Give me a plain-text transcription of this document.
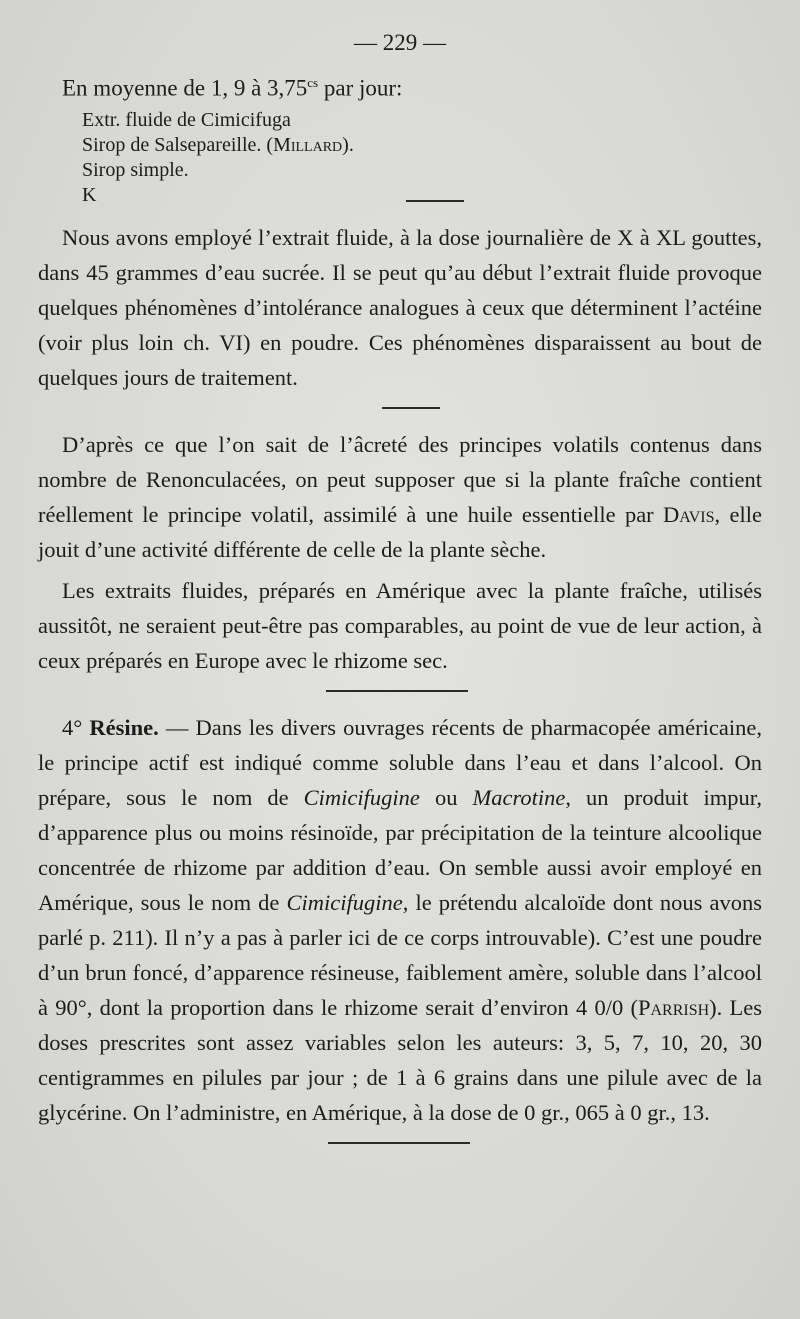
— 229 —
En moyenne de 1, 9 à $3,75^{cs}$ par jour:
Extr. fluide de Cimicifuga
Sirop de Salsepareille. (Millard).
Sirop simple.
K

Nous avons employé l’extrait fluide, à la dose journalière de X à XL gouttes, dans 45 grammes d’eau sucrée. Il se peut qu’au début l’extrait fluide provoque quelques phénomènes d’intolérance analogues à ceux que déterminent l’actéine (voir plus loin ch. VI) en poudre. Ces phénomènes disparaissent au bout de quelques jours de traitement.

D’après ce que l’on sait de l’âcreté des principes volatils contenus dans nombre de Renonculacées, on peut supposer que si la plante fraîche contient réellement le principe volatil, assimilé à une huile essentielle par Davis, elle jouit d’une activité différente de celle de la plante sèche.

Les extraits fluides, préparés en Amérique avec la plante fraîche, utilisés aussitôt, ne seraient peut-être pas comparables, au point de vue de leur action, à ceux préparés en Europe avec le rhizome sec.

4° Résine. — Dans les divers ouvrages récents de pharmacopée américaine, le principe actif est indiqué comme soluble dans l’eau et dans l’alcool. On prépare, sous le nom de Cimicifugine ou Macrotine, un produit impur, d’apparence plus ou moins résinoïde, par précipitation de la teinture alcoolique concentrée de rhizome par addition d’eau. On semble aussi avoir employé en Amérique, sous le nom de Cimicifugine, le prétendu alcaloïde dont nous avons parlé p. 211). Il n’y a pas à parler ici de ce corps introuvable). C’est une poudre d’un brun foncé, d’apparence résineuse, faiblement amère, soluble dans l’alcool à 90°, dont la proportion dans le rhizome serait d’environ 4 0/0 (Parrish). Les doses prescrites sont assez variables selon les auteurs: 3, 5, 7, 10, 20, 30 centigrammes en pilules par jour ; de 1 à 6 grains dans une pilule avec de la glycérine. On l’administre, en Amérique, à la dose de 0 gr., 065 à 0 gr., 13.
